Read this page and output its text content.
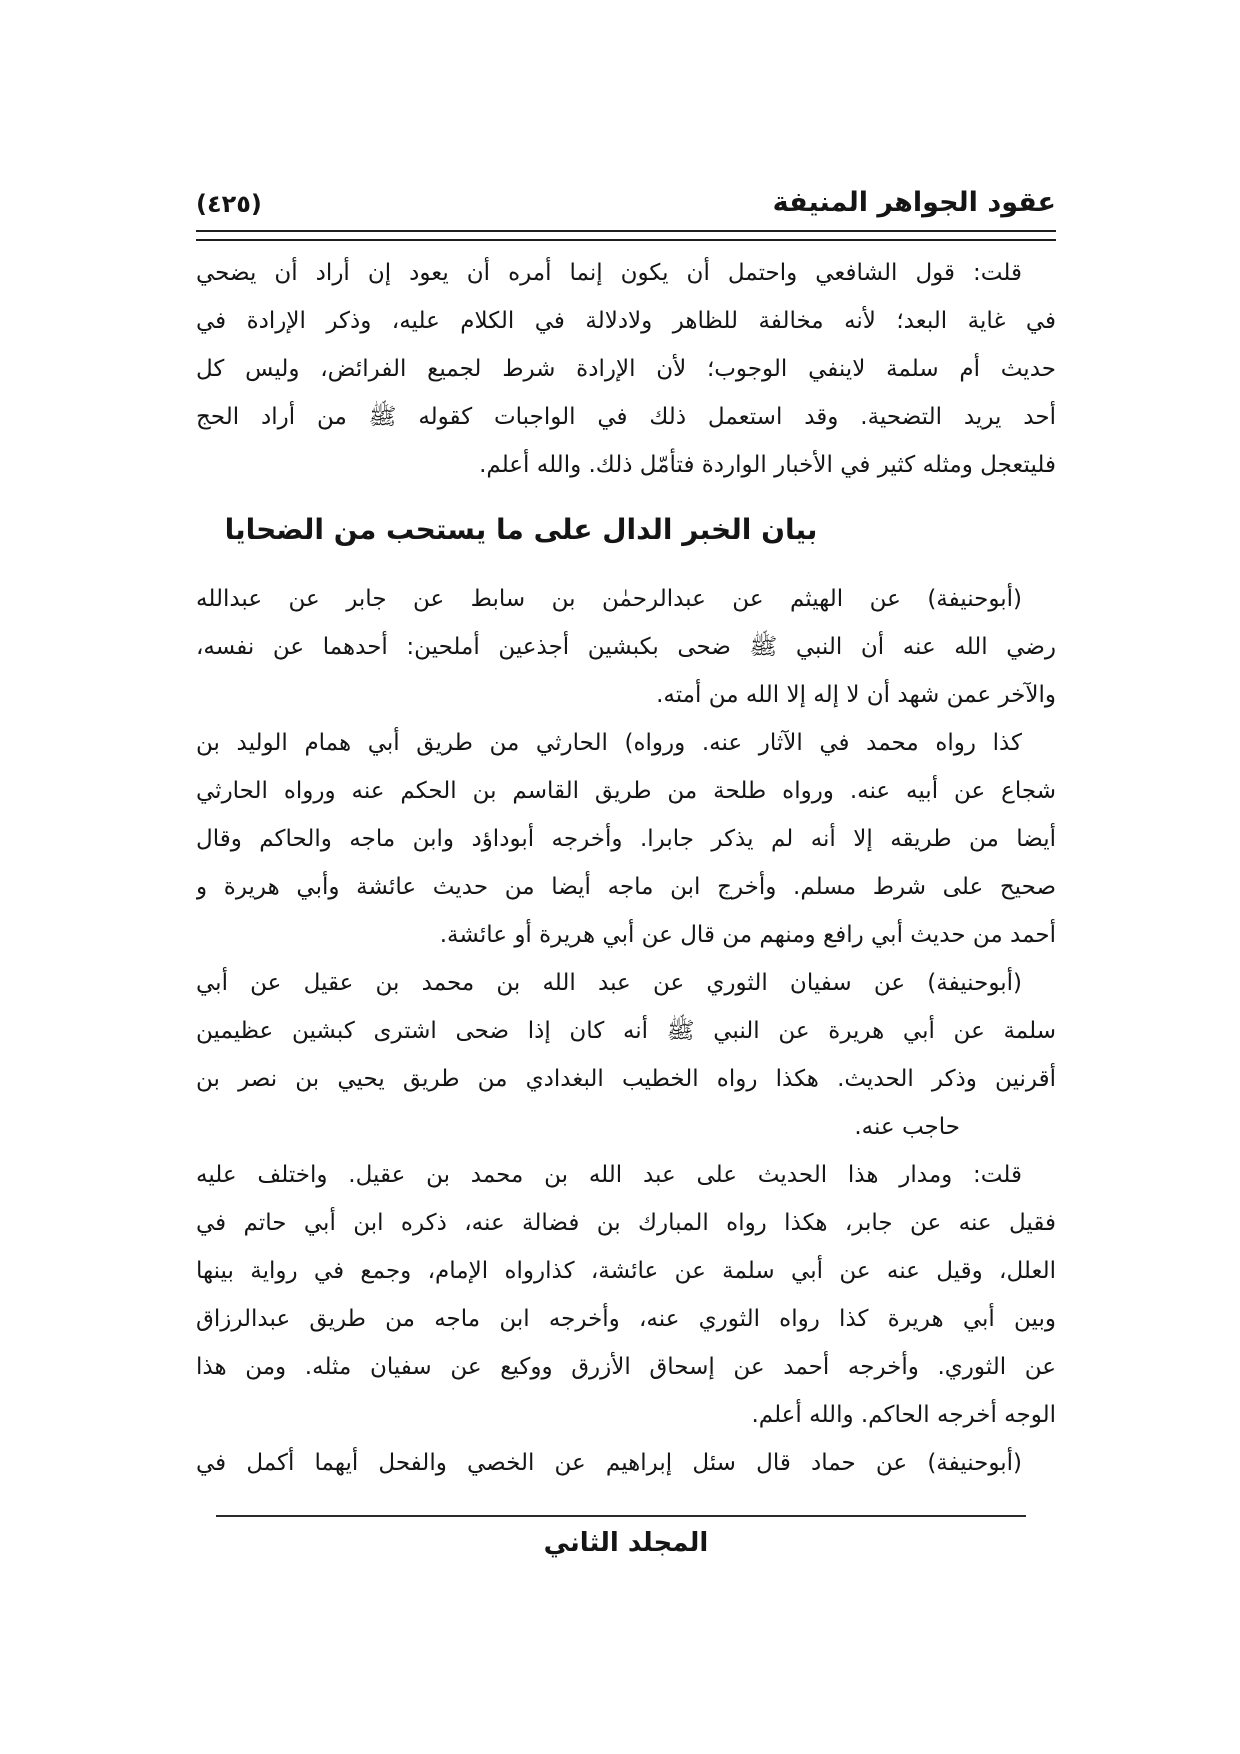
(٤٢٥)	عقود الجواهر المنيفة
قلت: قول الشافعي واحتمل أن يكون إنما أمره أن يعود إن أراد أن يضحي
في غاية البعد؛ لأنه مخالفة للظاهر ولادلالة في الكلام عليه، وذكر الإرادة في
حديث أم سلمة لاينفي الوجوب؛ لأن الإرادة شرط لجميع الفرائض، وليس كل
أحد يريد التضحية. وقد استعمل ذلك في الواجبات كقوله ﷺ من أراد الحج
فليتعجل ومثله كثير في الأخبار الواردة فتأمّل ذلك. والله أعلم.
بيان الخبر الدال على ما يستحب من الضحايا
(أبوحنيفة) عن الهيثم عن عبدالرحمٰن بن سابط عن جابر عن عبدالله
رضي الله عنه أن النبي ﷺ ضحى بكبشين أجذعين أملحين: أحدهما عن نفسه،
والآخر عمن شهد أن لا إله إلا الله من أمته.
كذا رواه محمد في الآثار عنه. ورواه) الحارثي من طريق أبي همام الوليد بن
شجاع عن أبيه عنه. ورواه طلحة من طريق القاسم بن الحكم عنه ورواه الحارثي
أيضا من طريقه إلا أنه لم يذكر جابرا. وأخرجه أبوداؤد وابن ماجه والحاكم وقال
صحيح على شرط مسلم. وأخرج ابن ماجه أيضا من حديث عائشة وأبي هريرة و
أحمد من حديث أبي رافع ومنهم من قال عن أبي هريرة أو عائشة.
(أبوحنيفة) عن سفيان الثوري عن عبد الله بن محمد بن عقيل عن أبي
سلمة عن أبي هريرة عن النبي ﷺ أنه كان إذا ضحى اشترى كبشين عظيمين
أقرنين وذكر الحديث. هكذا رواه الخطيب البغدادي من طريق يحيي بن نصر بن
حاجب عنه.
قلت: ومدار هذا الحديث على عبد الله بن محمد بن عقيل. واختلف عليه
فقيل عنه عن جابر، هكذا رواه المبارك بن فضالة عنه، ذكره ابن أبي حاتم في
العلل، وقيل عنه عن أبي سلمة عن عائشة، كذارواه الإمام، وجمع في رواية بينها
وبين أبي هريرة كذا رواه الثوري عنه، وأخرجه ابن ماجه من طريق عبدالرزاق
عن الثوري. وأخرجه أحمد عن إسحاق الأزرق ووكيع عن سفيان مثله. ومن هذا
الوجه أخرجه الحاكم. والله أعلم.
(أبوحنيفة) عن حماد قال سئل إبراهيم عن الخصي والفحل أيهما أكمل في
المجلد الثاني
